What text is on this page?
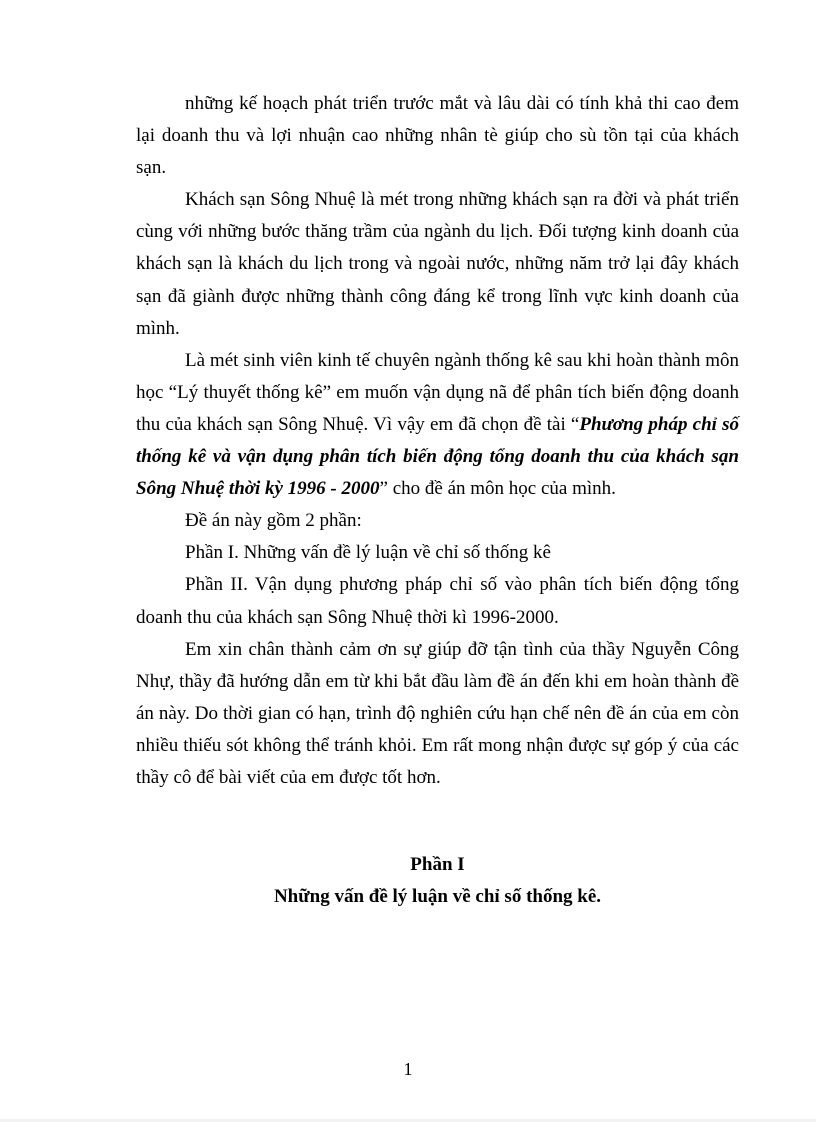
những kế hoạch phát triển trước mắt và lâu dài có tính khả thi cao đem lại doanh thu và lợi nhuận cao những nhân tè giúp cho sù tồn tại của khách sạn.

Khách sạn Sông Nhuệ là mét trong những khách sạn ra đời và phát triển cùng với những bước thăng trầm của ngành du lịch. Đối tượng kinh doanh của khách sạn là khách du lịch trong và ngoài nước, những năm trở lại đây khách sạn đã giành được những thành công đáng kể trong lĩnh vực kinh doanh của mình.

Là mét sinh viên kinh tế chuyên ngành thống kê sau khi hoàn thành môn học “Lý thuyết thống kê” em muốn vận dụng nã để phân tích biến động doanh thu của khách sạn Sông Nhuệ. Vì vậy em đã chọn đề tài “Phương pháp chỉ số thống kê và vận dụng phân tích biến động tổng doanh thu của khách sạn Sông Nhuệ thời kỳ 1996 - 2000” cho đề án môn học của mình.

Đề án này gồm 2 phần:

Phần I. Những vấn đề lý luận về chỉ số thống kê

Phần II. Vận dụng phương pháp chỉ số vào phân tích biến động tổng doanh thu của khách sạn Sông Nhuệ thời kì 1996-2000.

Em xin chân thành cảm ơn sự giúp đỡ tận tình của thầy Nguyễn Công Nhự, thầy đã hướng dẫn em từ khi bắt đầu làm đề án đến khi em hoàn thành đề án này. Do thời gian có hạn, trình độ nghiên cứu hạn chế nên đề án của em còn nhiều thiếu sót không thể tránh khỏi. Em rất mong nhận được sự góp ý của các thầy cô để bài viết của em được tốt hơn.

Phần I
Những vấn đề lý luận về chỉ số thống kê.
1
